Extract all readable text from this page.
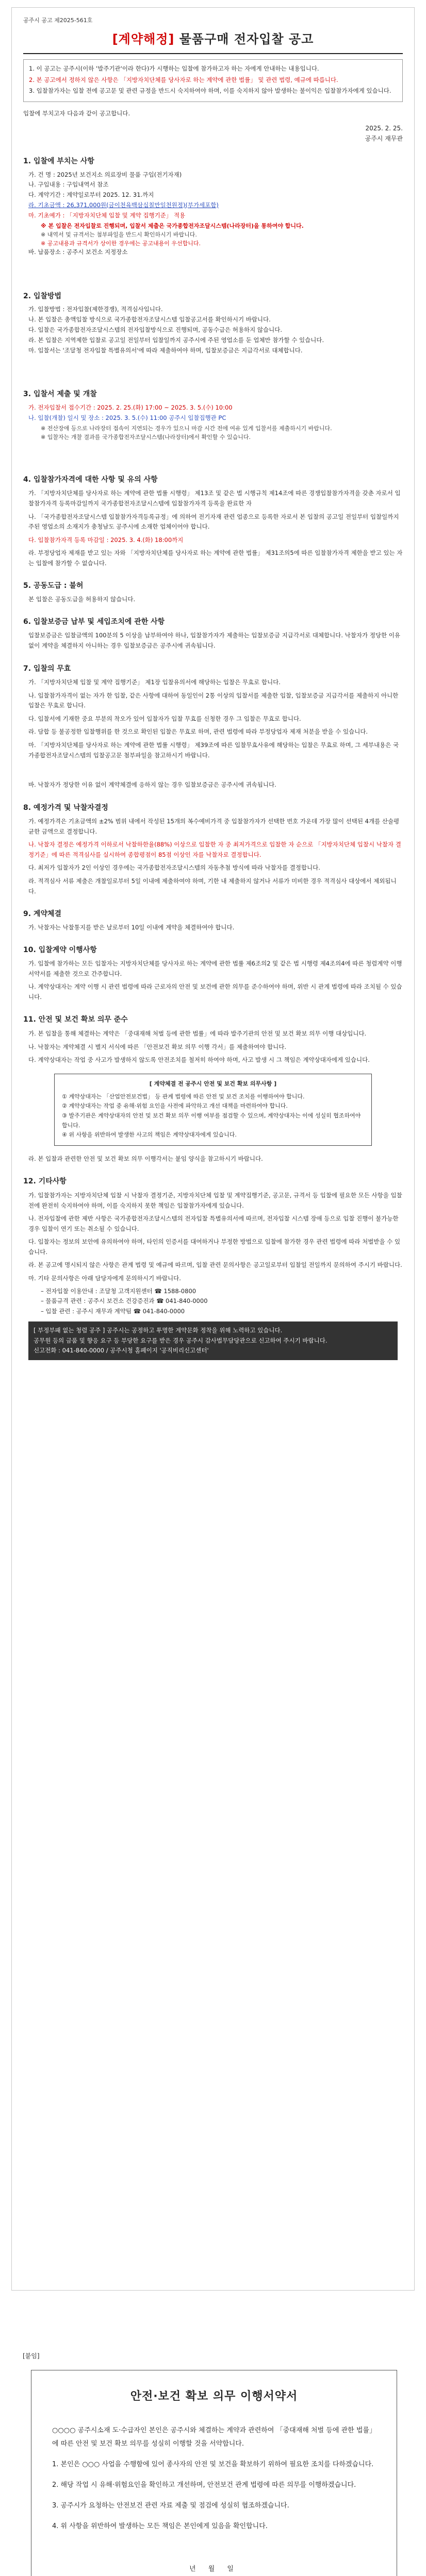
공주시 공고 제2025-561호
[계약해정] 물품구매 전자입찰 공고

1. 이 공고는 공주시(이하 '발주기관'이라 한다)가 시행하는 입찰에 참가하고자 하는 자에게 안내하는 내용입니다.

2. 본 공고에서 정하지 않은 사항은 「지방자치단체를 당사자로 하는 계약에 관한 법률」 및 관련 법령, 예규에 따릅니다.

3. 입찰참가자는 입찰 전에 공고문 및 관련 규정을 반드시 숙지하여야 하며, 이를 숙지하지 않아 발생하는 불이익은 입찰참가자에게 있습니다.

입찰에 부치고자 다음과 같이 공고합니다.
2025. 2. 25.
공주시 재무관
1. 입찰에 부치는 사항
가. 건 명 : 2025년 보건지소 의료장비 물품 구입(전기자재)
나. 구입내용 : 구입내역서 참조
다. 계약기간 : 계약일로부터 2025. 12. 31.까지
라. 기초금액 : 26,371,000원(금이천육백삼십칠만일천원정)(부가세포함)
마. 기초예가 : 「지방자치단체 입찰 및 계약 집행기준」 적용
※ 본 입찰은 전자입찰로 진행되며, 입찰서 제출은 국가종합전자조달시스템(나라장터)을 통하여야 합니다.
※ 내역서 및 규격서는 첨부파일을 반드시 확인하시기 바랍니다.
※ 공고내용과 규격서가 상이한 경우에는 공고내용이 우선합니다.
바. 납품장소 : 공주시 보건소 지정장소
2. 입찰방법
가. 입찰방법 : 전자입찰(제한경쟁), 적격심사입니다.
나. 본 입찰은 총액입찰 방식으로 국가종합전자조달시스템 입찰공고서를 확인하시기 바랍니다.
다. 입찰은 국가종합전자조달시스템의 전자입찰방식으로 진행되며, 공동수급은 허용하지 않습니다.
라. 본 입찰은 지역제한 입찰로 공고일 전일부터 입찰일까지 공주시에 주된 영업소를 둔 업체만 참가할 수 있습니다.
마. 입찰서는 '조달청 전자입찰 특별유의서'에 따라 제출하여야 하며, 입찰보증금은 지급각서로 대체합니다.
3. 입찰서 제출 및 개찰
가. 전자입찰서 접수기간 : 2025. 2. 25.(화) 17:00 ~ 2025. 3. 5.(수) 10:00
나. 입찰(개찰) 일시 및 장소 : 2025. 3. 5.(수) 11:00 공주시 입찰집행관 PC
※ 전산장애 등으로 나라장터 접속이 지연되는 경우가 있으니 마감 시간 전에 여유 있게 입찰서를 제출하시기 바랍니다.
※ 입찰자는 개찰 결과를 국가종합전자조달시스템(나라장터)에서 확인할 수 있습니다.
4. 입찰참가자격에 대한 사항 및 유의 사항
가. 「지방자치단체를 당사자로 하는 계약에 관한 법률 시행령」 제13조 및 같은 법 시행규칙 제14조에 따른 경쟁입찰참가자격을 갖춘 자로서 입찰참가자격 등록마감일까지 국가종합전자조달시스템에 입찰참가자격 등록을 완료한 자
나. 「국가종합전자조달시스템 입찰참가자격등록규정」에 의하여 전기자재 관련 업종으로 등록한 자로서 본 입찰의 공고일 전일부터 입찰일까지 주된 영업소의 소재지가 충청남도 공주시에 소재한 업체이어야 합니다.
다. 입찰참가자격 등록 마감일 : 2025. 3. 4.(화) 18:00까지
라. 부정당업자 제재를 받고 있는 자와 「지방자치단체를 당사자로 하는 계약에 관한 법률」 제31조의5에 따른 입찰참가자격 제한을 받고 있는 자는 입찰에 참가할 수 없습니다.
5. 공동도급 : 불허
본 입찰은 공동도급을 허용하지 않습니다.
6. 입찰보증금 납부 및 세입조치에 관한 사항
입찰보증금은 입찰금액의 100분의 5 이상을 납부하여야 하나, 입찰참가자가 제출하는 입찰보증금 지급각서로 대체합니다. 낙찰자가 정당한 이유 없이 계약을 체결하지 아니하는 경우 입찰보증금은 공주시에 귀속됩니다.
7. 입찰의 무효
가. 「지방자치단체 입찰 및 계약 집행기준」 제1장 입찰유의서에 해당하는 입찰은 무효로 합니다.
나. 입찰참가자격이 없는 자가 한 입찰, 같은 사항에 대하여 동일인이 2통 이상의 입찰서를 제출한 입찰, 입찰보증금 지급각서를 제출하지 아니한 입찰은 무효로 합니다.
다. 입찰서에 기재한 중요 부분의 착오가 있어 입찰자가 입찰 무효를 신청한 경우 그 입찰은 무효로 합니다.
라. 담합 등 불공정한 입찰행위를 한 것으로 확인된 입찰은 무효로 하며, 관련 법령에 따라 부정당업자 제재 처분을 받을 수 있습니다.
마. 「지방자치단체를 당사자로 하는 계약에 관한 법률 시행령」 제39조에 따른 입찰무효사유에 해당하는 입찰은 무효로 하며, 그 세부내용은 국가종합전자조달시스템의 입찰공고문 첨부파일을 참고하시기 바랍니다.
바. 낙찰자가 정당한 이유 없이 계약체결에 응하지 않는 경우 입찰보증금은 공주시에 귀속됩니다.
8. 예정가격 및 낙찰자결정
가. 예정가격은 기초금액의 ±2% 범위 내에서 작성된 15개의 복수예비가격 중 입찰참가자가 선택한 번호 가운데 가장 많이 선택된 4개를 산술평균한 금액으로 결정합니다.
나. 낙찰자 결정은 예정가격 이하로서 낙찰하한율(88%) 이상으로 입찰한 자 중 최저가격으로 입찰한 자 순으로 「지방자치단체 입찰시 낙찰자 결정기준」에 따른 적격심사를 실시하여 종합평점이 85점 이상인 자를 낙찰자로 결정합니다.
다. 최저가 입찰자가 2인 이상인 경우에는 국가종합전자조달시스템의 자동추첨 방식에 따라 낙찰자를 결정합니다.
라. 적격심사 서류 제출은 개찰일로부터 5일 이내에 제출하여야 하며, 기한 내 제출하지 않거나 서류가 미비한 경우 적격심사 대상에서 제외됩니다.
9. 계약체결
가. 낙찰자는 낙찰통지를 받은 날로부터 10일 이내에 계약을 체결하여야 합니다.
10. 입찰계약 이행사항
가. 입찰에 참가하는 모든 입찰자는 지방자치단체를 당사자로 하는 계약에 관한 법률 제6조의2 및 같은 법 시행령 제4조의4에 따른 청렴계약 이행서약서를 제출한 것으로 간주합니다.
나. 계약상대자는 계약 이행 시 관련 법령에 따라 근로자의 안전 및 보건에 관한 의무를 준수하여야 하며, 위반 시 관계 법령에 따라 조치될 수 있습니다.
11. 안전 및 보건 확보 의무 준수
가. 본 입찰을 통해 체결하는 계약은 「중대재해 처벌 등에 관한 법률」에 따라 발주기관의 안전 및 보건 확보 의무 이행 대상입니다.
나. 낙찰자는 계약체결 시 별지 서식에 따른 「안전보건 확보 의무 이행 각서」를 제출하여야 합니다.
다. 계약상대자는 작업 중 사고가 발생하지 않도록 안전조치를 철저히 하여야 하며, 사고 발생 시 그 책임은 계약상대자에게 있습니다.
[ 계약체결 전 공주시 안전 및 보건 확보 의무사항 ]
① 계약상대자는 「산업안전보건법」 등 관계 법령에 따른 안전 및 보건 조치를 이행하여야 합니다.
② 계약상대자는 작업 중 유해·위험 요인을 사전에 파악하고 개선 대책을 마련하여야 합니다.
③ 발주기관은 계약상대자의 안전 및 보건 확보 의무 이행 여부를 점검할 수 있으며, 계약상대자는 이에 성실히 협조하여야 합니다.
④ 위 사항을 위반하여 발생한 사고의 책임은 계약상대자에게 있습니다.
라. 본 입찰과 관련한 안전 및 보건 확보 의무 이행각서는 붙임 양식을 참고하시기 바랍니다.
12. 기타사항
가. 입찰참가자는 지방자치단체 입찰 시 낙찰자 결정기준, 지방자치단체 입찰 및 계약집행기준, 공고문, 규격서 등 입찰에 필요한 모든 사항을 입찰 전에 완전히 숙지하여야 하며, 이를 숙지하지 못한 책임은 입찰참가자에게 있습니다.
나. 전자입찰에 관한 제반 사항은 국가종합전자조달시스템의 전자입찰 특별유의서에 따르며, 전자입찰 시스템 장애 등으로 입찰 진행이 불가능한 경우 입찰이 연기 또는 취소될 수 있습니다.
다. 입찰자는 정보의 보안에 유의하여야 하며, 타인의 인증서를 대여하거나 부정한 방법으로 입찰에 참가한 경우 관련 법령에 따라 처벌받을 수 있습니다.
라. 본 공고에 명시되지 않은 사항은 관계 법령 및 예규에 따르며, 입찰 관련 문의사항은 공고일로부터 입찰일 전일까지 문의하여 주시기 바랍니다.
마. 기타 문의사항은 아래 담당자에게 문의하시기 바랍니다.
– 전자입찰 이용안내 : 조달청 고객지원센터 ☎ 1588-0800
– 물품규격 관련 : 공주시 보건소 건강증진과 ☎ 041-840-0000
– 입찰 관련 : 공주시 재무과 계약팀 ☎ 041-840-0000
[ 부정부패 없는 청렴 공주 ] 공주시는 공정하고 투명한 계약문화 정착을 위해 노력하고 있습니다.
공무원 등의 금품 및 향응 요구 등 부당한 요구를 받은 경우 공주시 감사법무담당관으로 신고하여 주시기 바랍니다.
신고전화 : 041-840-0000 / 공주시청 홈페이지 '공직비리신고센터'
[붙임]
안전·보건 확보 의무 이행서약서

○○○○ 공주시소재 도·수급자인 본인은 공주시와 체결하는 계약과 관련하여 「중대재해 처벌 등에 관한 법률」에 따른 안전 및 보건 확보 의무를 성실히 이행할 것을 서약합니다.

1. 본인은 ○○○ 사업을 수행함에 있어 종사자의 안전 및 보건을 확보하기 위하여 필요한 조치를 다하겠습니다.

2. 해당 작업 시 유해·위험요인을 확인하고 개선하며, 안전보건 관계 법령에 따른 의무를 이행하겠습니다.

3. 공주시가 요청하는 안전보건 관련 자료 제출 및 점검에 성실히 협조하겠습니다.

4. 위 사항을 위반하여 발생하는 모든 책임은 본인에게 있음을 확인합니다.

년 월 일
